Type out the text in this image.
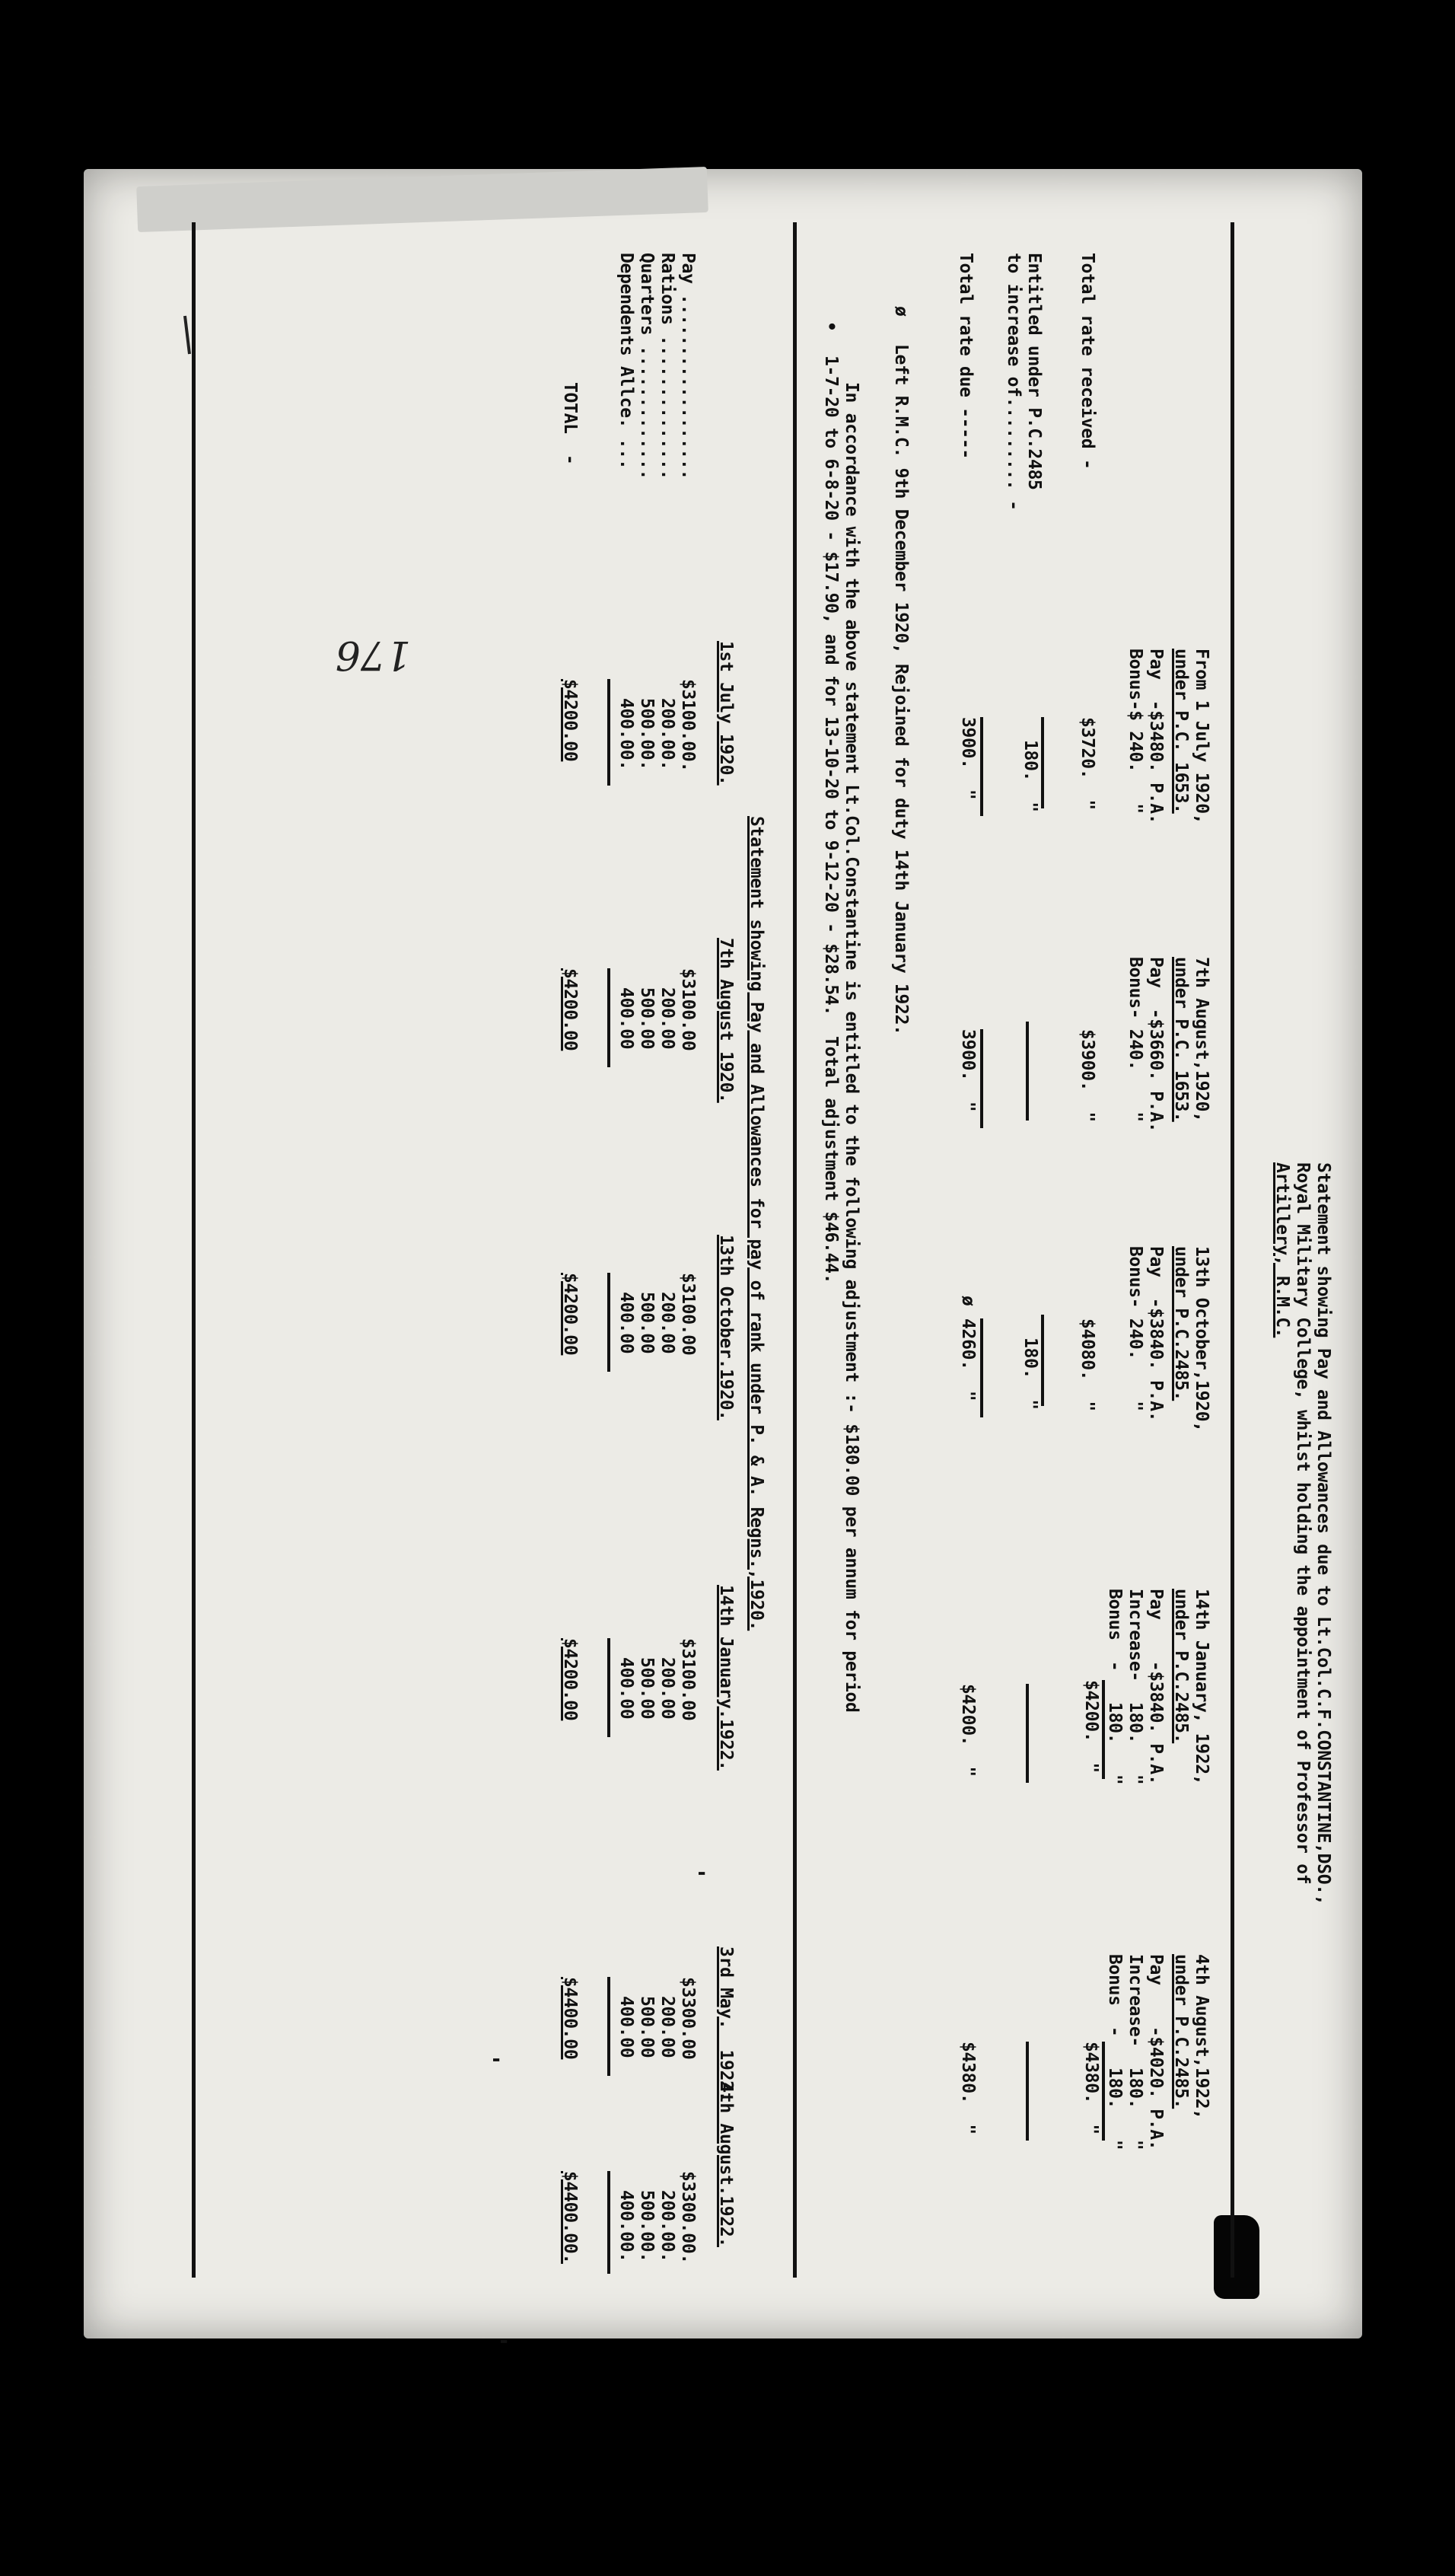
Statement showing Pay and Allowances due to Lt.Col.C.F.CONSTANTINE,DSO.,
Royal Military College, whilst holding the appointment of Professor of
Artillery, R.M.C.
From 1 July 1920,
under P.C. 1653.
7th August,1920,
under P.C. 1653.
13th October,1920,
under P.C.2485.
14th January, 1922,
under P.C.2485.
4th August,1922,
under P.C.2485.
Pay  -$3480. P.A.
Bonus-$ 240.   "
Pay  -$3660. P.A.
Bonus- 240.    "
Pay  -$3840. P.A.
Bonus- 240.    "
Pay    -$3840. P.A.
Increase-  180.   "
Bonus  -   180.   "
$4200.  "
Pay    -$4020. P.A.
Increase-  180.   "
Bonus  -   180.   "
$4380.  "
Total rate received -
Entitled under P.C.2485
to increase of......... -
Total rate due -----
$3720.  "
$3900.  "
$4080.  "
180.  "
180.  "
3900.  "
3900.  "
ø
4260.  "
$4200.  "
$4380.  "
ø
Left R.M.C. 9th December 1920, Rejoined for duty 14th January 1922.
In accordance with the above statement Lt.Col.Constantine is entitled to the following adjustment :- $180.00 per annum for period
•
1-7-20 to 6-8-20 - $17.90, and for 13-10-20 to 9-12-20 - $28.54.  Total adjustment $46.44.
Statement showing Pay and Allowances for pay of rank under P. & A. Regns.,1920.
1st July 1920.
7th August 1920.
13th October.1920.
14th January.1922.
3rd May.  1922.
4th August.1922.
Pay ..................
Rations ..............
Quarters .............
Dependents Allce. ...
TOTAL  -
$3100.00.
200.00.
500.00.
400.00.
$4200.00
$3100.00
200.00
500.00
400.00
$4200.00
$3100.00
200.00
500.00
400.00
$4200.00
$3100.00
200.00
500.00
400.00
$4200.00
$3300.00
200.00
500.00
400.00
$4400.00
$3300.00.
200.00.
500.00.
400.00.
$4400.00.
'
'
'
176
